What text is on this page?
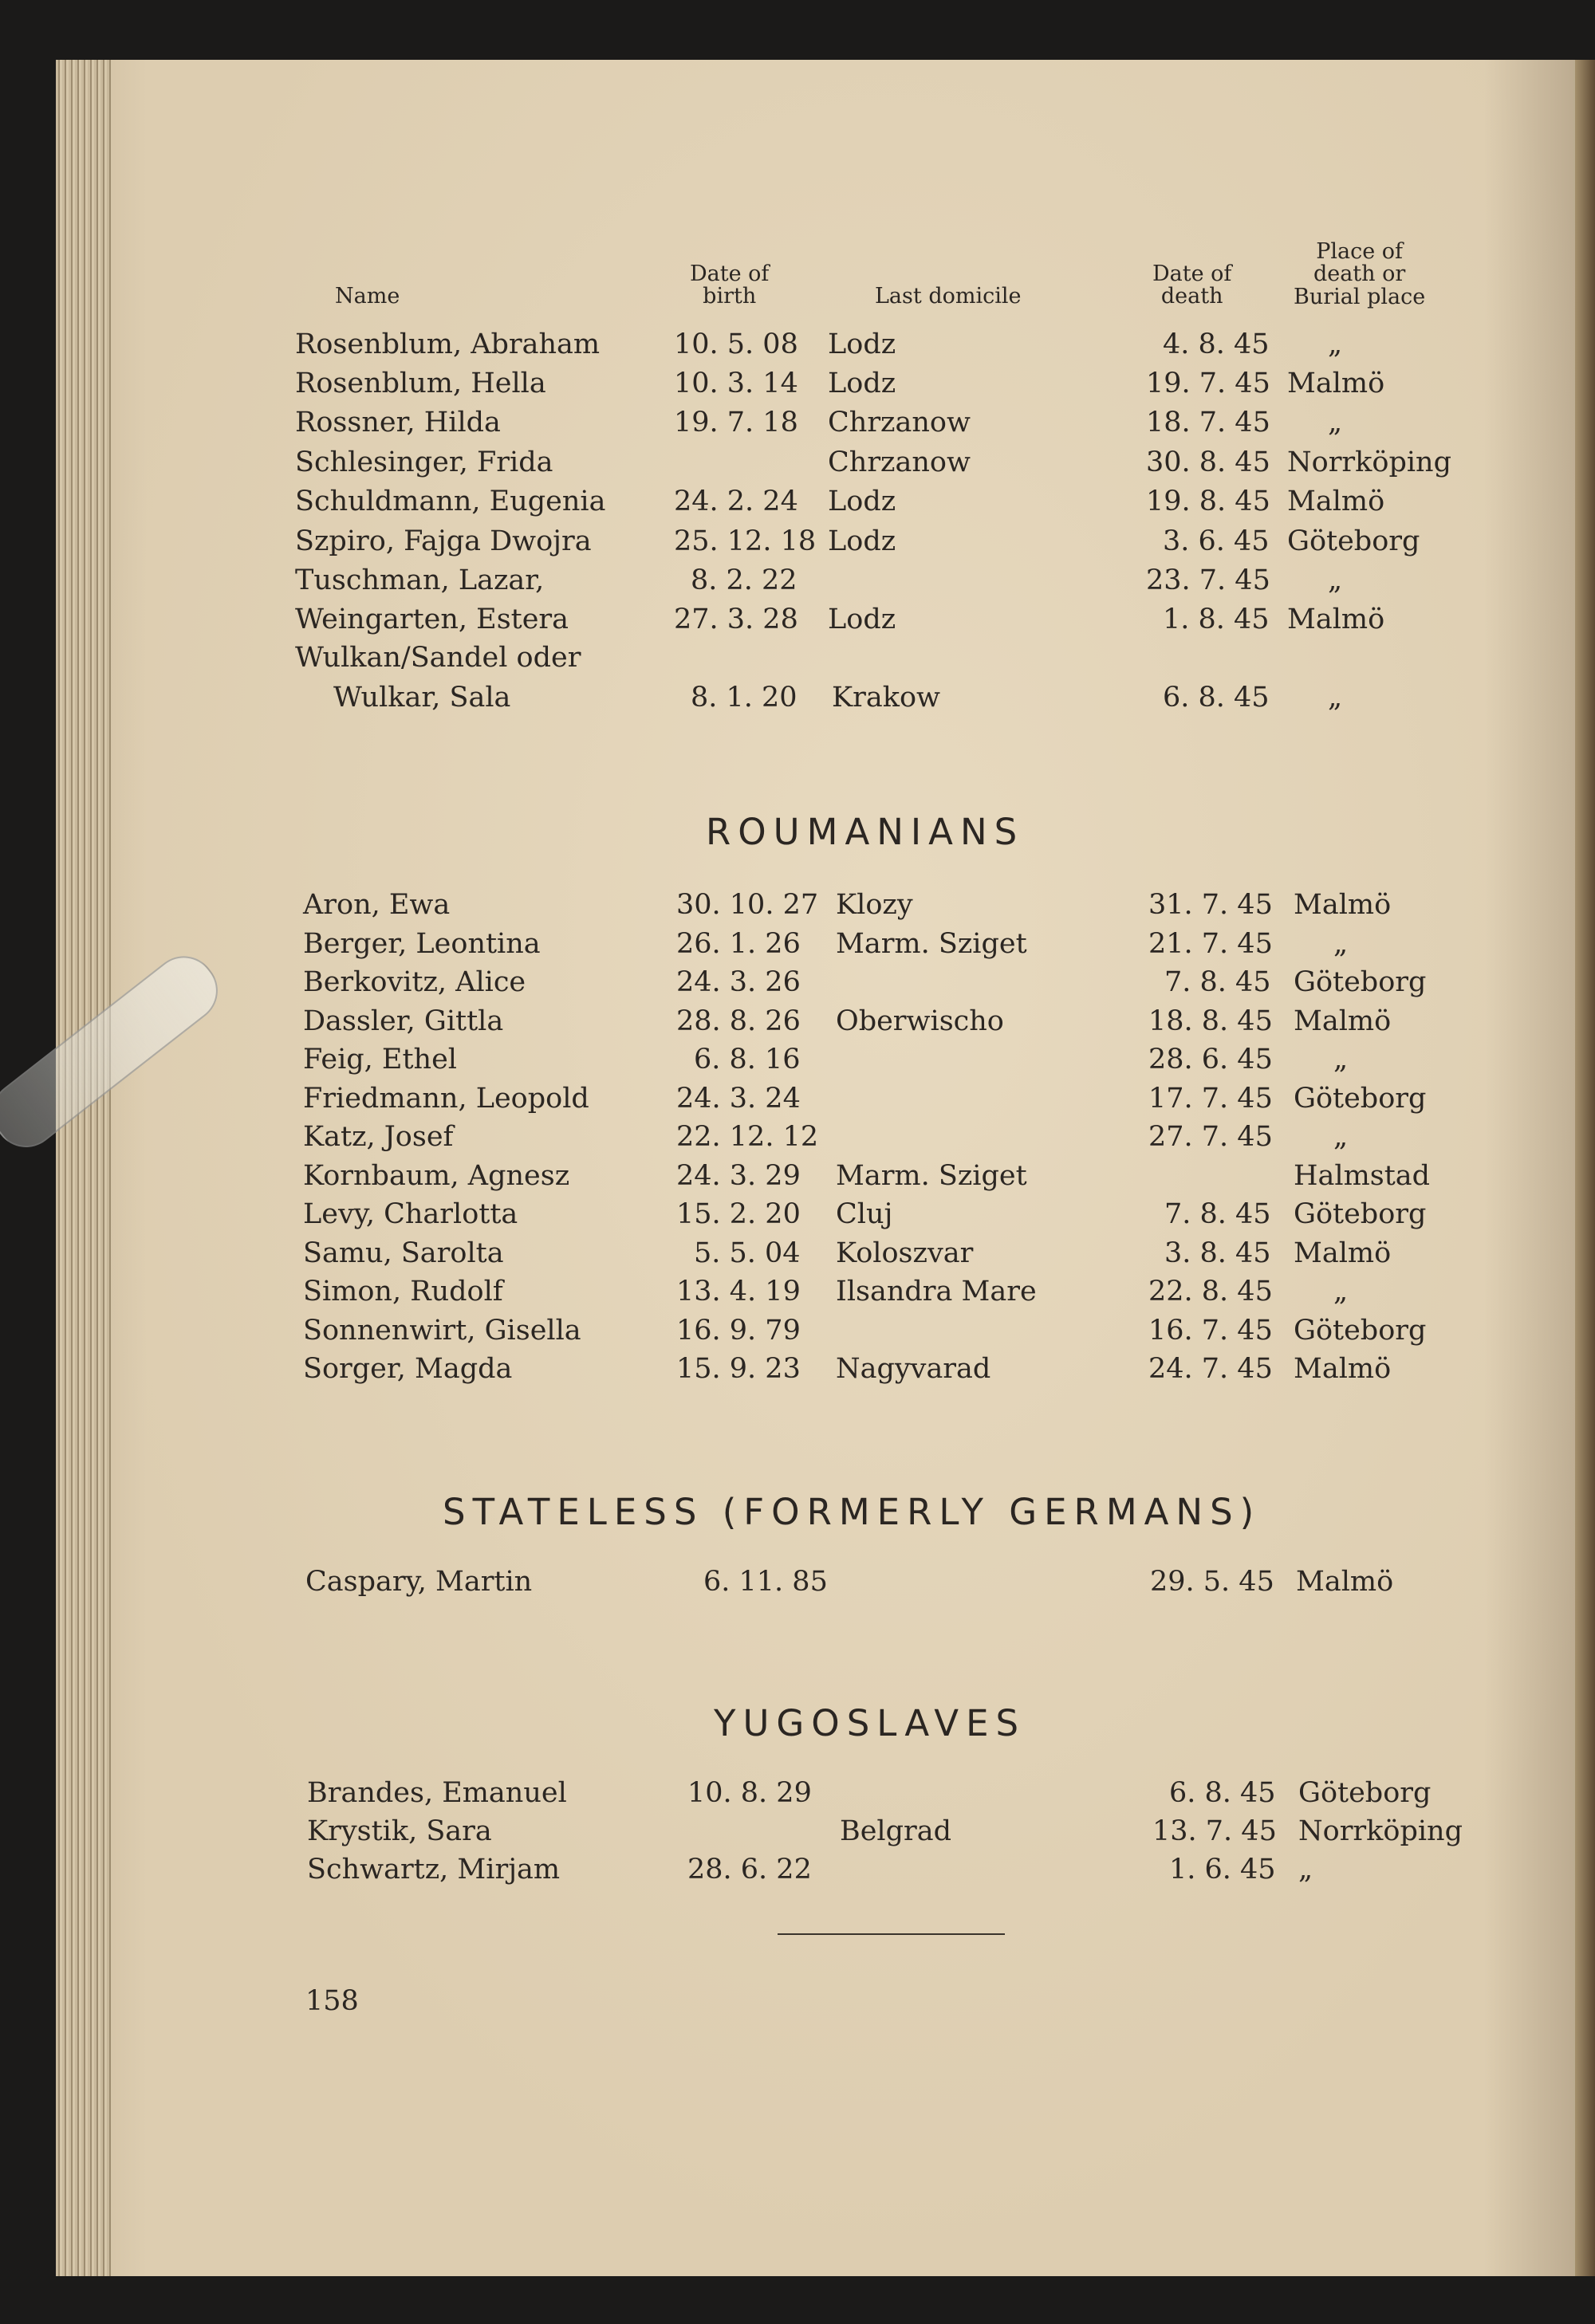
Name
Date of
birth	Last domicile
Date of
death
Place of
death or
Burial place
Rosenblum, Abraham	10. 5. 08 Lodz	4. 8. 45 „
Rosenblum, Hella	10. 3. 14 Lodz	19. 7. 45 Malmö
Rossner, Hilda	19. 7. 18 Chrzanow	18. 7. 45 „
Schlesinger, Frida	Chrzanow	30. 8. 45 Norrköping
Schuldmann, Eugenia 24. 2. 24 Lodz	19. 8. 45 Malmö
Szpiro, Fajga Dwojra	25. 12. 18 Lodz	3. 6. 45 Göteborg
Tuschman, Lazar,	8. 2. 22	23. 7. 45 „
Weingarten, Estera	27. 3. 28 Lodz	1. 8. 45 Malmö
Wulkan/Sandel oder
Wulkar, Sala	8. 1. 20 Krakow	6. 8. 45 „
ROUMANIANS
Aron, Ewa	30. 10. 27 Klozy	31. 7. 45 Malmö
Berger, Leontina	26. 1. 26 Marm. Sziget	21. 7. 45 „
Berkovitz, Alice	24. 3. 26	7. 8. 45 Göteborg
Dassler, Gittla	28. 8. 26 Oberwischo	18. 8. 45 Malmö
Feig, Ethel	6. 8. 16	28. 6. 45 „
Friedmann, Leopold	24. 3. 24	17. 7. 45 Göteborg
Katz, Josef	22. 12. 12	27. 7. 45 „
Kornbaum, Agnesz	24. 3. 29 Marm. Sziget	Halmstad
Levy, Charlotta	15. 2. 20 Cluj	7. 8. 45 Göteborg
Samu, Sarolta	5. 5. 04 Koloszvar	3. 8. 45 Malmö
Simon, Rudolf	13. 4. 19 Ilsandra Mare	22. 8. 45 „
Sonnenwirt, Gisella	16. 9. 79	16. 7. 45 Göteborg
Sorger, Magda	15. 9. 23 Nagyvarad	24. 7. 45 Malmö
STATELESS (FORMERLY GERMANS)
Caspary, Martin	6. 11. 85	29. 5. 45 Malmö
YUGOSLAVES
Brandes, Emanuel	10. 8. 29	6. 8. 45 Göteborg
Krystik, Sara	Belgrad	13. 7. 45 Norrköping
Schwartz, Mirjam	28. 6. 22	1. 6. 45 „
158
